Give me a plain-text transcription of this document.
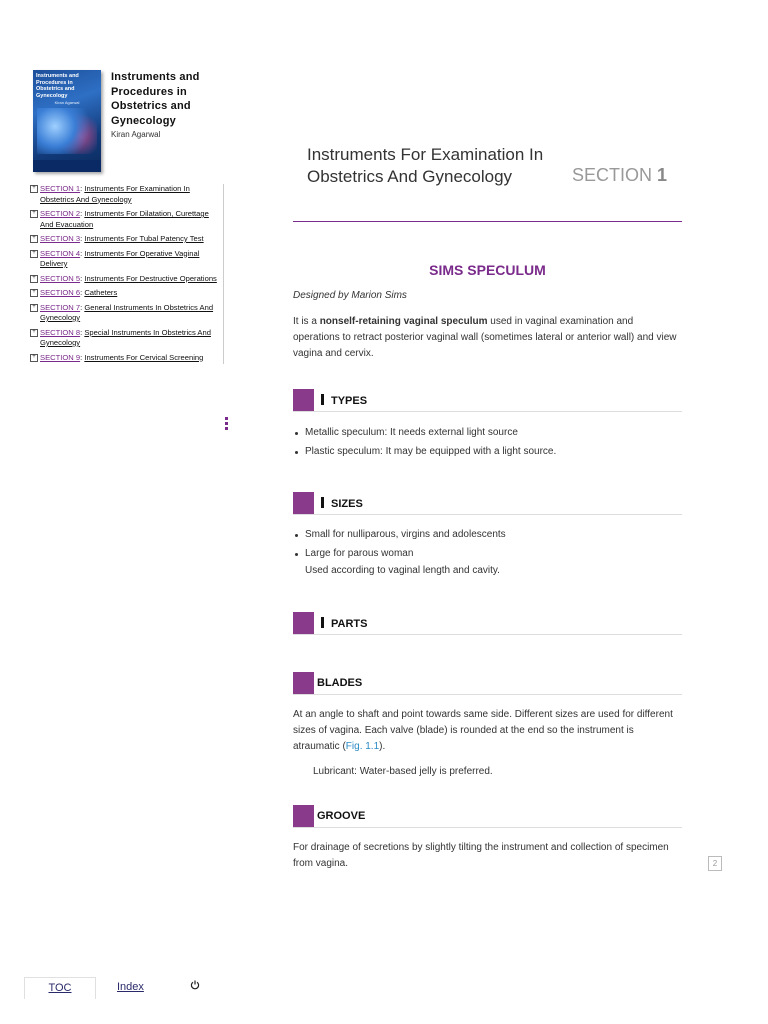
Instruments and Procedures in Obstetrics and Gynecology
Kiran Agarwal
Instruments and Procedures in Obstetrics and Gynecology
Kiran Agarwal
+ SECTION 1: Instruments For Examination In Obstetrics And Gynecology
+ SECTION 2: Instruments For Dilatation, Curettage And Evacuation
+ SECTION 3: Instruments For Tubal Patency Test
+ SECTION 4: Instruments For Operative Vaginal Delivery
+ SECTION 5: Instruments For Destructive Operations
+ SECTION 6: Catheters
+ SECTION 7: General Instruments In Obstetrics And Gynecology
+ SECTION 8: Special Instruments In Obstetrics And Gynecology
+ SECTION 9: Instruments For Cervical Screening
TOC	Index
Instruments For Examination In Obstetrics And Gynecology	SECTION 1
SIMS SPECULUM
Designed by Marion Sims
It is a nonself-retaining vaginal speculum used in vaginal examination and operations to retract posterior vaginal wall (sometimes lateral or anterior wall) and view vagina and cervix.
TYPES
Metallic speculum: It needs external light source
Plastic speculum: It may be equipped with a light source.
SIZES
Small for nulliparous, virgins and adolescents
Large for parous woman
Used according to vaginal length and cavity.
PARTS
BLADES
At an angle to shaft and point towards same side. Different sizes are used for different sizes of vagina. Each valve (blade) is rounded at the end so the instrument is atraumatic (Fig. 1.1).
Lubricant: Water-based jelly is preferred.
GROOVE
For drainage of secretions by slightly tilting the instrument and collection of specimen from vagina.	2
